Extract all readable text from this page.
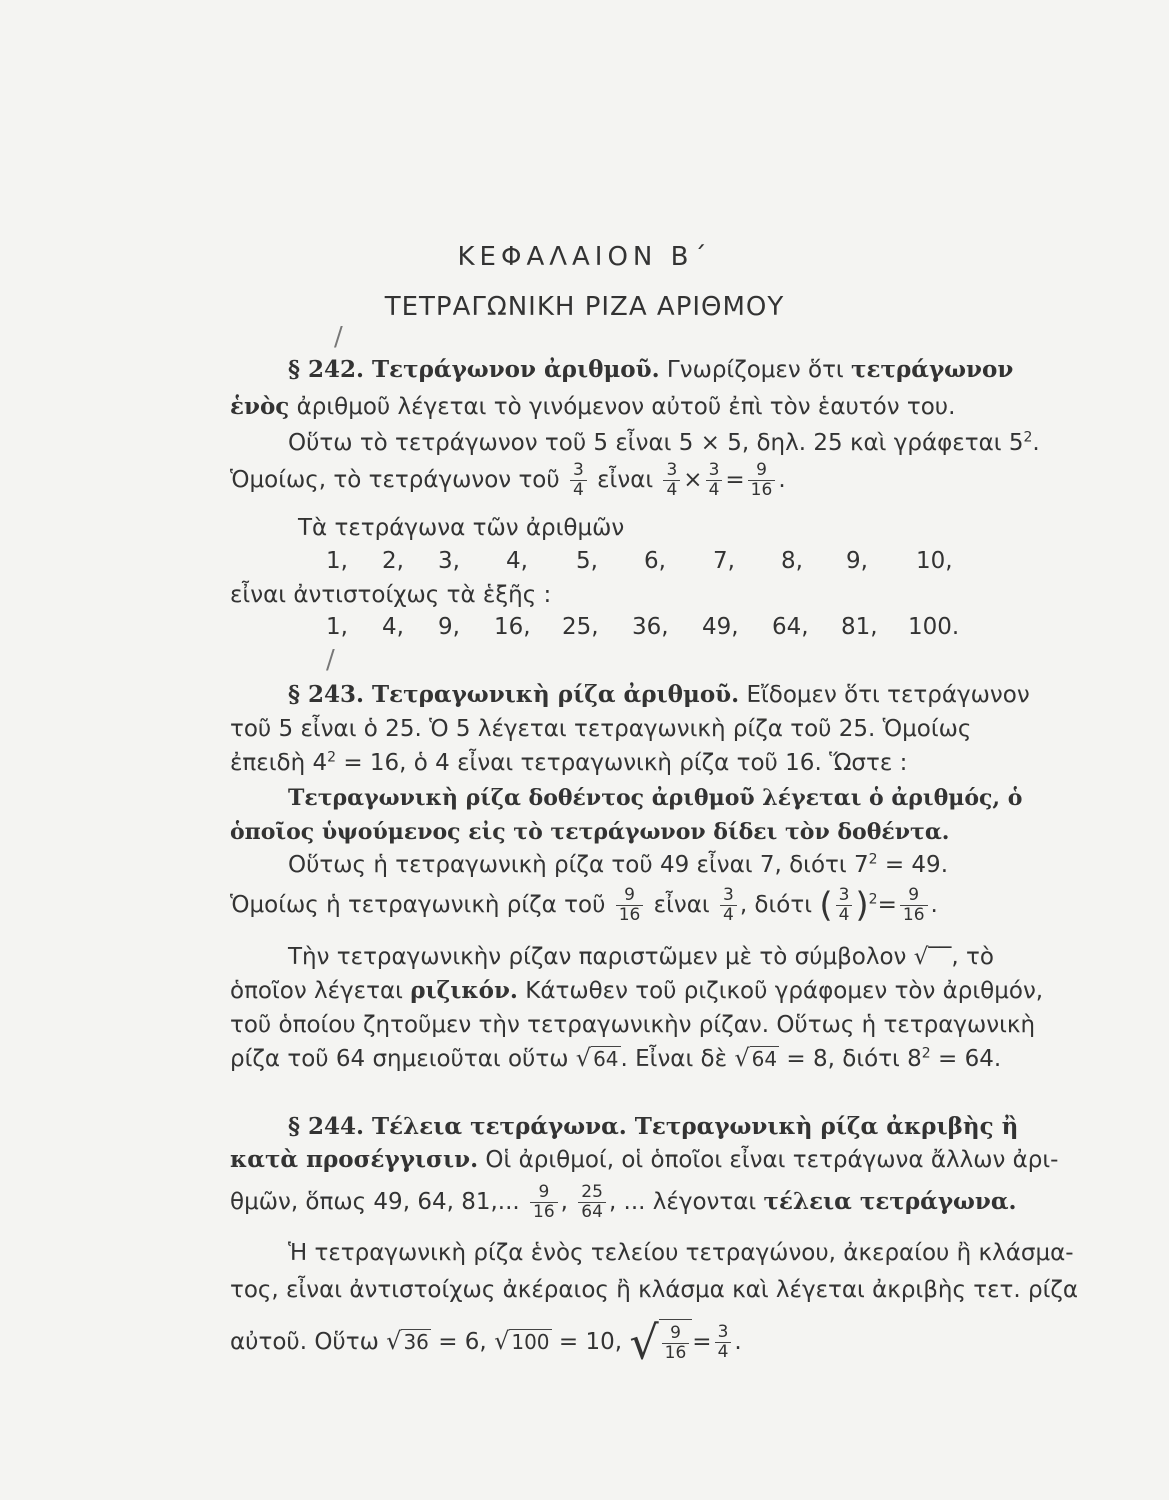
/
/
ΚΕΦΑΛΑΙΟΝ Β΄
ΤΕΤΡΑΓΩΝΙΚΗ ΡΙΖΑ ΑΡΙΘΜΟΥ
§ 242. Τετράγωνον ἀριθμοῦ. Γνωρίζομεν ὅτι τετράγωνον
ἑνὸς ἀριθμοῦ λέγεται τὸ γινόμενον αὐτοῦ ἐπὶ τὸν ἑαυτόν του.
Οὕτω τὸ τετράγωνον τοῦ 5 εἶναι 5 × 5, δηλ. 25 καὶ γράφεται $5^2$.
Ὁμοίως, τὸ τετράγωνον τοῦ $\frac{3}{4}$ εἶναι $\frac{3}{4} \times \frac{3}{4} = \frac{9}{16}$ .
Τὰ τετράγωνα τῶν ἀριθμῶν
1, 2, 3, 4, 5, 6, 7, 8, 9, 10,
εἶναι ἀντιστοίχως τὰ ἑξῆς :
1, 4, 9, 16, 25, 36, 49, 64, 81, 100.
§ 243. Τετραγωνικὴ ρίζα ἀριθμοῦ. Εἴδομεν ὅτι τετράγωνον
τοῦ 5 εἶναι ὁ 25. Ὁ 5 λέγεται τετραγωνικὴ ρίζα τοῦ 25. Ὁμοίως
ἐπειδὴ $4^2 = 16$, ὁ 4 εἶναι τετραγωνικὴ ρίζα τοῦ 16. Ὥστε :
Τετραγωνικὴ ρίζα δοθέντος ἀριθμοῦ λέγεται ὁ ἀριθμός, ὁ
ὁποῖος ὑψούμενος εἰς τὸ τετράγωνον δίδει τὸν δοθέντα.
Οὕτως ἡ τετραγωνικὴ ρίζα τοῦ 49 εἶναι 7, διότι $7^2 = 49$.
Ὁμοίως ἡ τετραγωνικὴ ρίζα τοῦ $\frac{9}{16}$ εἶναι $\frac{3}{4}$ , διότι ( $\frac{3}{4} )^2= \frac{9}{16}$ .
Τὴν τετραγωνικὴν ρίζαν παριστῶμεν μὲ τὸ σύμβολον √‾‾, τὸ
ὁποῖον λέγεται ριζικόν. Κάτωθεν τοῦ ριζικοῦ γράφομεν τὸν ἀριθμόν,
τοῦ ὁποίου ζητοῦμεν τὴν τετραγωνικὴν ρίζαν. Οὕτως ἡ τετραγωνικὴ
ρίζα τοῦ 64 σημειοῦται οὕτω √ 64. Εἶναι δὲ √ 64 = 8, διότι $8^2 = 64$.
§ 244. Τέλεια τετράγωνα. Τετραγωνικὴ ρίζα ἀκριβὴς ἢ
κατὰ προσέγγισιν. Οἱ ἀριθμοί, οἱ ὁποῖοι εἶναι τετράγωνα ἄλλων ἀρι-
θμῶν, ὅπως 49, 64, 81,... $\frac{9}{16}$ , $\frac{25}{64}$ , ... λέγονται τέλεια τετράγωνα.
Ἡ τετραγωνικὴ ρίζα ἑνὸς τελείου τετραγώνου, ἀκεραίου ἢ κλάσμα-
τος, εἶναι ἀντιστοίχως ἀκέραιος ἢ κλάσμα καὶ λέγεται ἀκριβὴς τετ. ρίζα
αὐτοῦ. Οὕτω √ 36 = 6, √ 100 = 10, √ $\frac{9}{16} = \frac{3}{4}$ .
